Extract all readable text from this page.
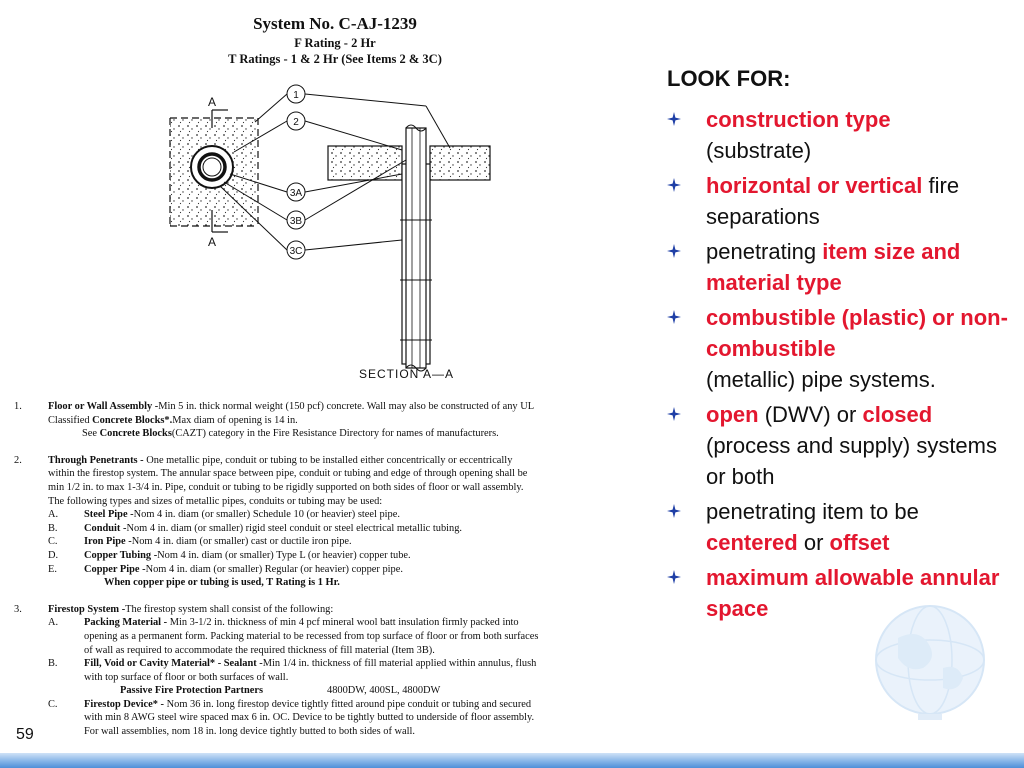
System No. C-AJ-1239
F Rating - 2 Hr
T Ratings - 1 & 2 Hr (See Items 2 & 3C)
A
A
SECTION A—A
1
2
3A
3B
3C
1.	Floor or Wall Assembly -Min 5 in. thick normal weight (150 pcf) concrete. Wall may also be constructed of any UL
Classified Concrete Blocks*.Max diam of opening is 14 in.
See Concrete Blocks(CAZT) category in the Fire Resistance Directory for names of manufacturers.
2.	Through Penetrants - One metallic pipe, conduit or tubing to be installed either concentrically or eccentrically
within the firestop system. The annular space between pipe, conduit or tubing and edge of through opening shall be
min 1/2 in. to max 1-3/4 in. Pipe, conduit or tubing to be rigidly supported on both sides of floor or wall assembly.
The following types and sizes of metallic pipes, conduits or tubing may be used:
A. Steel Pipe -Nom 4 in. diam (or smaller) Schedule 10 (or heavier) steel pipe.
B.	Conduit -Nom 4 in. diam (or smaller) rigid steel conduit or steel electrical metallic tubing.
C.	Iron Pipe -Nom 4 in. diam (or smaller) cast or ductile iron pipe.
D. Copper Tubing -Nom 4 in. diam (or smaller) Type L (or heavier) copper tube.
E.	Copper Pipe -Nom 4 in. diam (or smaller) Regular (or heavier) copper pipe.
When copper pipe or tubing is used, T Rating is 1 Hr.
3.	Firestop System -The firestop system shall consist of the following:
A. Packing Material - Min 3-1/2 in. thickness of min 4 pcf mineral wool batt insulation firmly packed into
opening as a permanent form. Packing material to be recessed from top surface of floor or from both surfaces
of wall as required to accommodate the required thickness of fill material (Item 3B).
B.	Fill, Void or Cavity Material* - Sealant -Min 1/4 in. thickness of fill material applied within annulus, flush
with top surface of floor or both surfaces of wall.
Passive Fire Protection Partners	4800DW, 400SL, 4800DW
C.	Firestop Device* - Nom 36 in. long firestop device tightly fitted around pipe conduit or tubing and secured
with min 8 AWG steel wire spaced max 6 in. OC. Device to be tightly butted to underside of floor assembly.
For wall assemblies, nom 18 in. long device tightly butted to both sides of wall.
59
LOOK FOR:
construction type
(substrate)
horizontal or vertical fire separations
penetrating item size and material type
combustible (plastic) or non-combustible
(metallic) pipe systems.
open (DWV) or closed
(process and supply) systems or both
penetrating item to be
centered or offset
maximum allowable annular space
